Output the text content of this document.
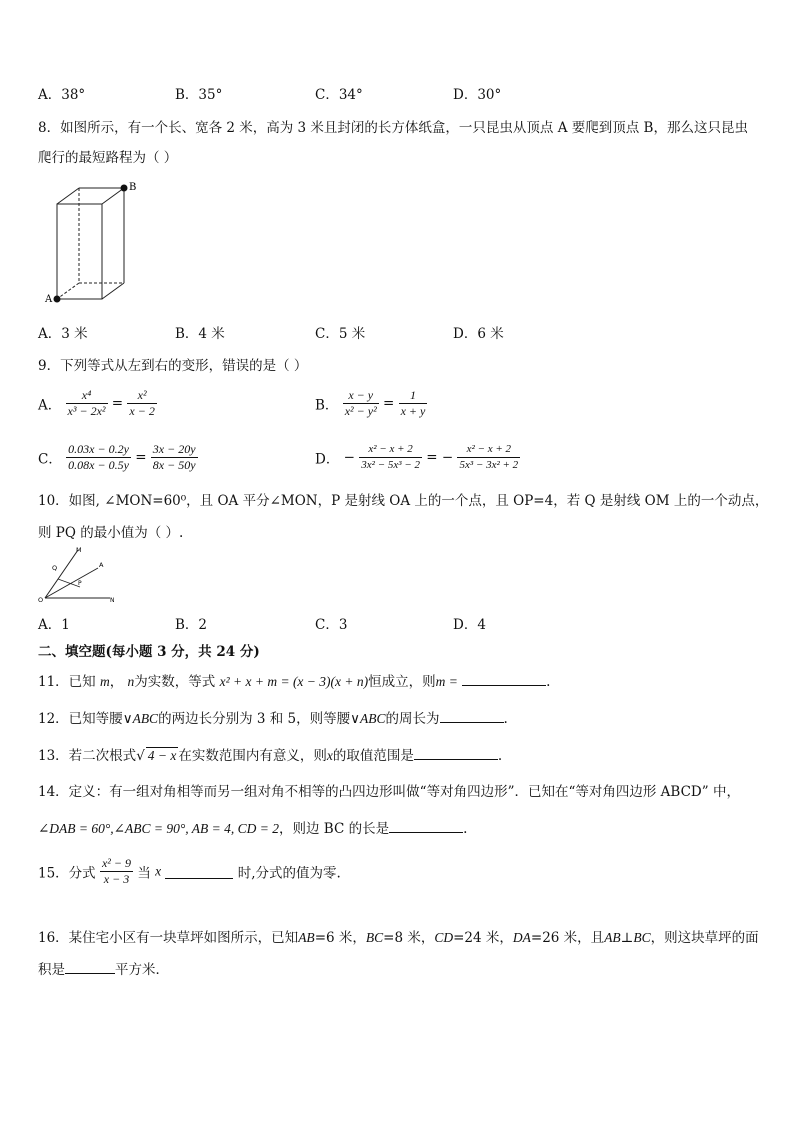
A．38°	B．35°	C．34°	D．30°
8．如图所示，有一个长、宽各 2 米，高为 3 米且封闭的长方体纸盒，一只昆虫从顶点 A 要爬到顶点 B，那么这只昆虫
爬行的最短路程为（ ）
A
B
A．3 米	B．4 米	C．5 米	D．6 米
9．下列等式从左到右的变形，错误的是（ ）
A． $\frac{\text{x⁴}}{\text{x³ − 2x²}} = \frac{\text{x²}}{x - 2}$	B． $\frac{x - y}{\text{x² − y²}} = \frac{1}{x + y}$
C． $\frac{0.03x - 0.2y}{0.08x - 0.5y} = \frac{3x - 20y}{8x - 50y}$	D． − $\frac{\text{x² − x + 2}}{\text{3x² − 5x³ − 2}}$ = − $\frac{\text{x² − x + 2}}{\text{5x³ − 3x² + 2}}$
10．如图, ∠MON=60⁰，且 OA 平分∠MON，P 是射线 OA 上的一个点，且 OP=4，若 Q 是射线 OM 上的一个动点，
则 PQ 的最小值为（ ）.
M
Q	A
P
O	N
A．1	B．2	C．3	D．4
二、填空题(每小题 3 分，共 24 分)
11．已知 m， n为实数，等式 x² + x + m = (x − 3)(x + n)恒成立，则m =	.
12．已知等腰∨ABC的两边长分别为 3 和 5，则等腰∨ABC的周长为	.
13．若二次根式√ 4 − x 在实数范围内有意义，则x的取值范围是	.
14．定义：有一组对角相等而另一组对角不相等的凸四边形叫做“等对角四边形”．已知在“等对角四边形 ABCD” 中，
∠DAB = 60°,∠ABC = 90°, AB = 4, CD = 2，则边 BC 的长是	.
15．分式 $\frac{\text{x² − 9}}{x - 3}$ 当 x	时,分式的值为零.
16．某住宅小区有一块草坪如图所示，已知AB=6 米，BC=8 米，CD=24 米，DA=26 米，且AB⊥BC，则这块草坪的面
积是	平方米．
